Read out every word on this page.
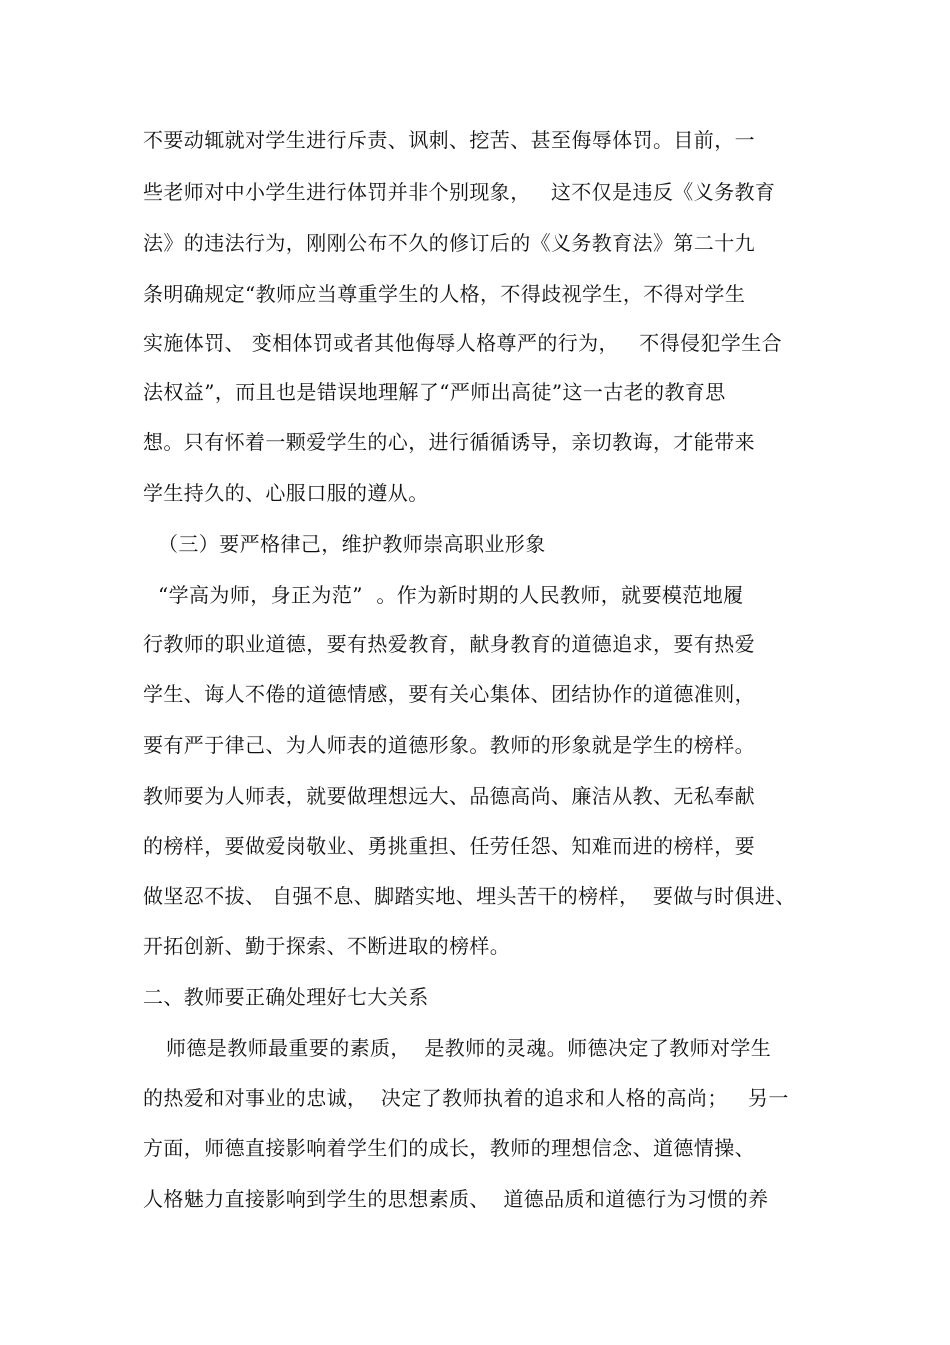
不要动辄就对学生进行斥责、讽刺、挖苦、甚至侮辱体罚。目前，一
些老师对中小学生进行体罚并非个别现象，   这不仅是违反《义务教育
法》的违法行为，刚刚公布不久的修订后的《义务教育法》第二十九
条明确规定“教师应当尊重学生的人格，不得歧视学生，不得对学生
实施体罚、 变相体罚或者其他侮辱人格尊严的行为，   不得侵犯学生合
法权益”，而且也是错误地理解了“严师出高徒”这一古老的教育思
想。只有怀着一颗爱学生的心，进行循循诱导，亲切教诲，才能带来
学生持久的、心服口服的遵从。
（三）要严格律己，维护教师崇高职业形象
“学高为师，身正为范”  。作为新时期的人民教师，就要模范地履
行教师的职业道德，要有热爱教育，献身教育的道德追求，要有热爱
学生、诲人不倦的道德情感，要有关心集体、团结协作的道德准则，
要有严于律己、为人师表的道德形象。教师的形象就是学生的榜样。
教师要为人师表，就要做理想远大、品德高尚、廉洁从教、无私奉献
的榜样，要做爱岗敬业、勇挑重担、任劳任怨、知难而进的榜样，要
做坚忍不拔、 自强不息、脚踏实地、埋头苦干的榜样，  要做与时俱进、
开拓创新、勤于探索、不断进取的榜样。
二、教师要正确处理好七大关系
师德是教师最重要的素质，  是教师的灵魂。师德决定了教师对学生
的热爱和对事业的忠诚，  决定了教师执着的追求和人格的高尚；   另一
方面，师德直接影响着学生们的成长，教师的理想信念、道德情操、
人格魅力直接影响到学生的思想素质、  道德品质和道德行为习惯的养
